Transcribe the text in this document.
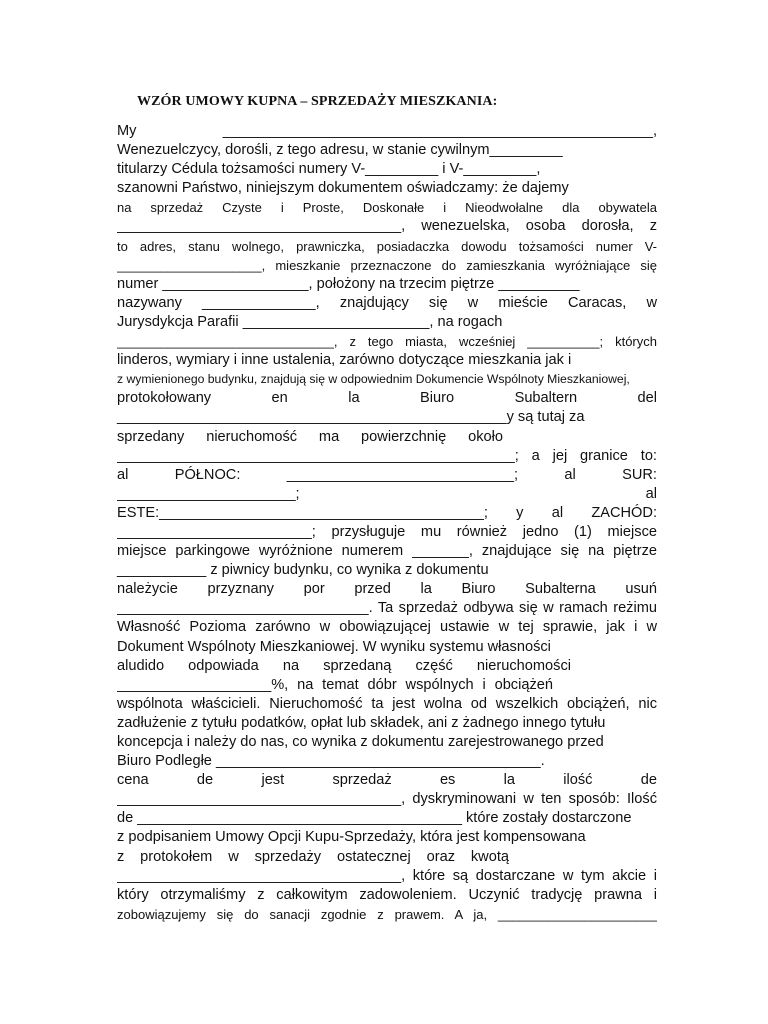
WZÓR UMOWY KUPNA – SPRZEDAŻY MIESZKANIA:
My _____________________________________________________,
Wenezuelczycy, dorośli, z tego adresu, w stanie cywilnym_________
titularzy Cédula tożsamości numery V-_________ i V-_________,
szanowni Państwo, niniejszym dokumentem oświadczamy: że dajemy
na sprzedaż Czyste i Proste, Doskonałe i Nieodwołalne dla obywatela
___________________________________, wenezuelska, osoba dorosła, z
to adres, stanu wolnego, prawniczka, posiadaczka dowodu tożsamości numer V-
____________________, mieszkanie przeznaczone do zamieszkania wyróżniające się
numer __________________, położony na trzecim piętrze __________
nazywany ______________, znajdujący się w mieście Caracas, w
Jurysdykcja Parafii _______________________, na rogach
______________________________, z tego miasta, wcześniej __________; których
linderos, wymiary i inne ustalenia, zarówno dotyczące mieszkania jak i
z wymienionego budynku, znajdują się w odpowiednim Dokumencie Wspólnoty Mieszkaniowej,
protokołowany en la Biuro Subaltern del
________________________________________________y są tutaj za
sprzedany nieruchomość ma powierzchnię około
_________________________________________________; a jej granice to:
al PÓŁNOC: ____________________________; al SUR:
______________________; al
ESTE:________________________________________; y al ZACHÓD:
________________________; przysługuje mu również jedno (1) miejsce
miejsce parkingowe wyróżnione numerem _______, znajdujące się na piętrze
___________ z piwnicy budynku, co wynika z dokumentu
należycie przyznany por przed la Biuro Subalterna usuń
_______________________________. Ta sprzedaż odbywa się w ramach reżimu
Własność Pozioma zarówno w obowiązującej ustawie w tej sprawie, jak i w
Dokument Wspólnoty Mieszkaniowej. W wyniku systemu własności
aludido odpowiada na sprzedaną część nieruchomości
___________________%, na temat dóbr wspólnych i obciążeń
wspólnota właścicieli. Nieruchomość ta jest wolna od wszelkich obciążeń, nic
zadłużenie z tytułu podatków, opłat lub składek, ani z żadnego innego tytułu
koncepcja i należy do nas, co wynika z dokumentu zarejestrowanego przed
Biuro Podległe ________________________________________.
cena de jest sprzedaż es la ilość de
___________________________________, dyskryminowani w ten sposób: Ilość
de ________________________________________ które zostały dostarczone
z podpisaniem Umowy Opcji Kupu-Sprzedaży, która jest kompensowana
z protokołem w sprzedaży ostatecznej oraz kwotą
___________________________________, które są dostarczane w tym akcie i
który otrzymaliśmy z całkowitym zadowoleniem. Uczynić tradycję prawna i
zobowiązujemy się do sanacji zgodnie z prawem. A ja, ______________________
